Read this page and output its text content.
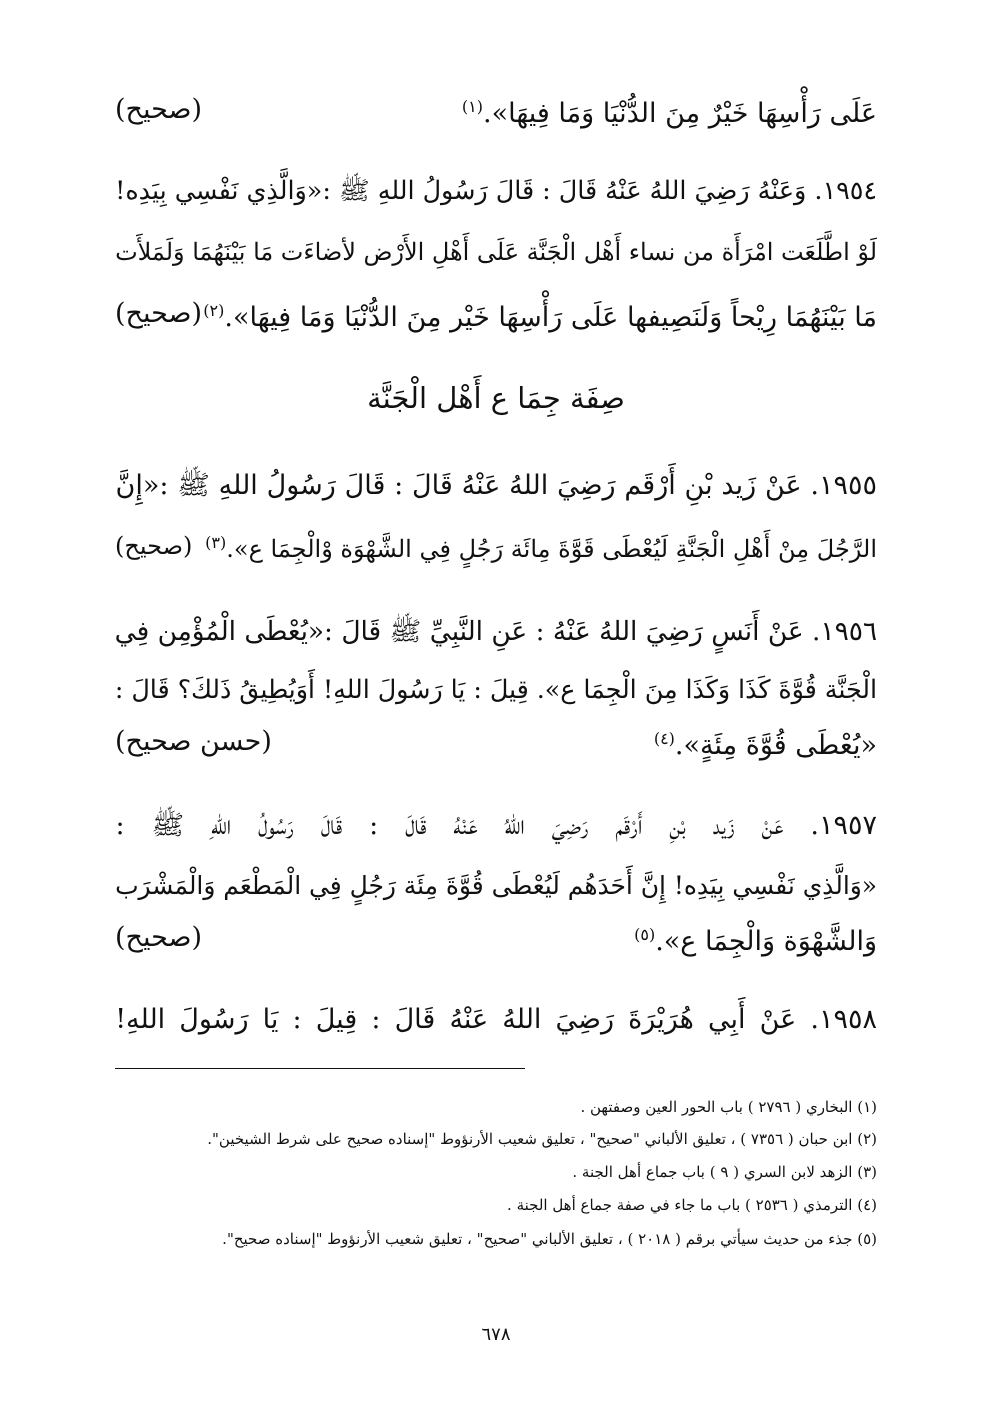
عَلَى رَأْسِهَا خَيْرٌ مِنَ الدُّنْيَا وَمَا فِيهَا».$^{(١)}$
(صحيح)
١٩٥٤. وَعَنْهُ رَضِيَ اللهُ عَنْهُ قَالَ : قَالَ رَسُولُ اللهِ ﷺ :«وَالَّذِي نَفْسِي بِيَدِه!
لَوْ اطَّلَعَت امْرَأَة من نساء أَهْل الْجَنَّة عَلَى أَهْلِ الأَرْض لأضاءَت مَا بَيْنَهُمَا وَلَمَلأَت
مَا بَيْنَهُمَا رِيْحاً وَلَنَصِيفها عَلَى رَأْسِهَا خَيْر مِنَ الدُّنْيَا وَمَا فِيهَا».$^{(٢)}$
(صحيح)
صِفَة جِمَا ع أَهْل الْجَنَّة
١٩٥٥. عَنْ زَيد بْنِ أَرْقَم رَضِيَ اللهُ عَنْهُ قَالَ : قَالَ رَسُولُ اللهِ ﷺ :«إِنَّ
الرَّجُلَ مِنْ أَهْلِ الْجَنَّةِ لَيُعْطَى قَوَّةَ مِائَة رَجُلٍ فِي الشَّهْوَة وْالْجِمَا ع».$^{(٣)}$
(صحيح)
١٩٥٦. عَنْ أَنَسٍ رَضِيَ اللهُ عَنْهُ : عَنِ النَّبِيِّ ﷺ قَالَ :«يُعْطَى الْمُؤْمِن فِي
الْجَنَّة قُوَّةَ كَذَا وَكَذَا مِنَ الْجِمَا ع». قِيلَ : يَا رَسُولَ اللهِ! أَوَيُطِيقُ ذَلكَ؟ قَالَ :
«يُعْطَى قُوَّةَ مِئَةٍ».$^{(٤)}$
(حسن صحيح)
١٩٥٧. عَنْ زَيد بْنِ أَرْقَم رَضِيَ اللهُ عَنْهُ قَالَ : قَالَ رَسُولُ اللهِ ﷺ :
«وَالَّذِي نَفْسِي بِيَدِه! إِنَّ أَحَدَهُم لَيُعْطَى قُوَّةَ مِئَة رَجُلٍ فِي الْمَطْعَم وَالْمَشْرَب
وَالشَّهْوَة وَالْجِمَا ع».$^{(٥)}$
(صحيح)
١٩٥٨. عَنْ أَبِي هُرَيْرَةَ رَضِيَ اللهُ عَنْهُ قَالَ : قِيلَ : يَا رَسُولَ اللهِ!
(١) البخاري ( ٢٧٩٦ ) باب الحور العين وصفتهن .
(٢) ابن حبان ( ٧٣٥٦ ) ، تعليق الألباني "صحيح" ، تعليق شعيب الأرنؤوط "إسناده صحيح على شرط الشيخين".
(٣) الزهد لابن السري ( ٩ ) باب جماع أهل الجنة .
(٤) الترمذي ( ٢٥٣٦ ) باب ما جاء في صفة جماع أهل الجنة .
(٥) جذء من حديث سيأتي برقم ( ٢٠١٨ ) ، تعليق الألباني "صحيح" ، تعليق شعيب الأرنؤوط "إسناده صحيح".
٦٧٨
